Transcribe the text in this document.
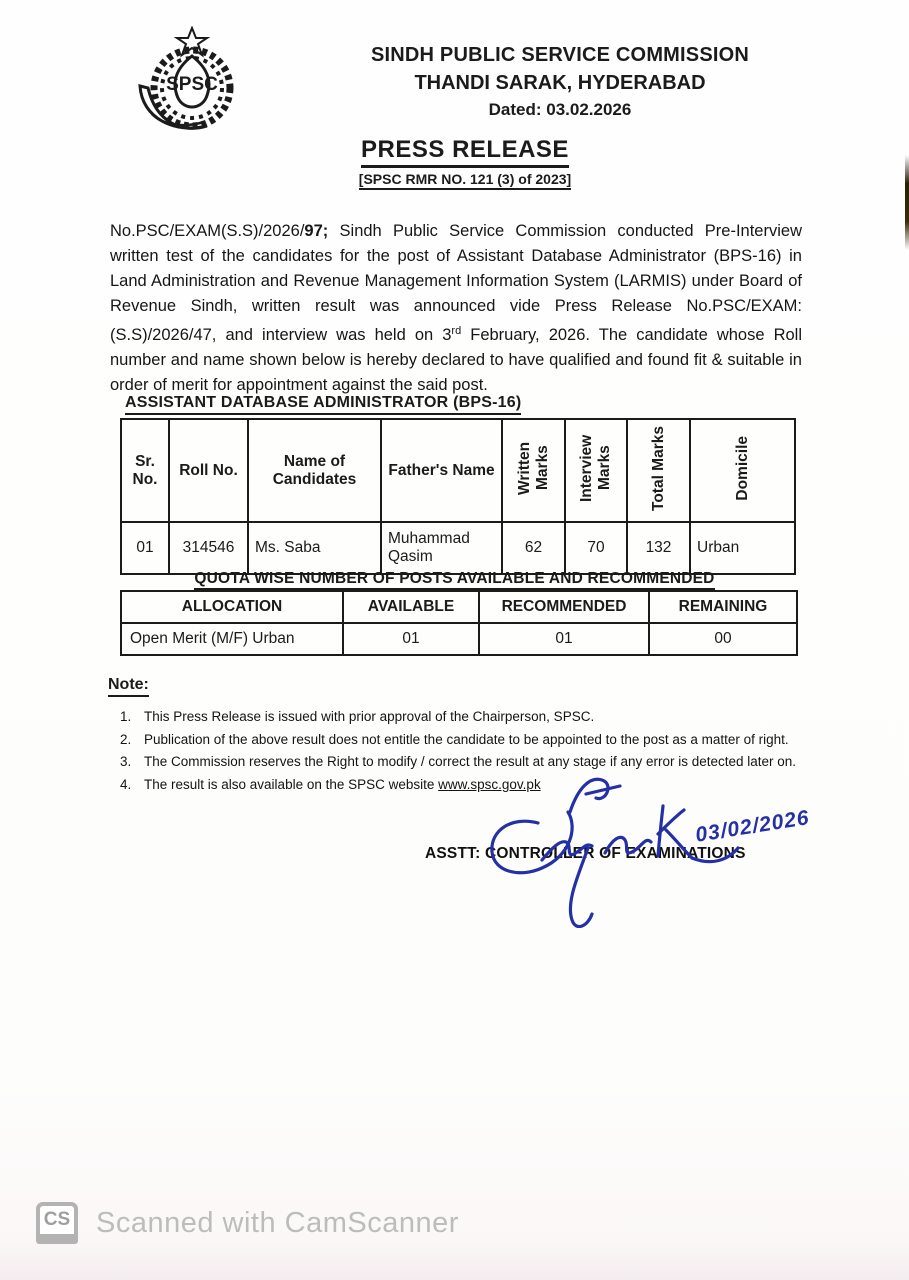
SPSC
SINDH PUBLIC SERVICE COMMISSION
THANDI SARAK, HYDERABAD
Dated: 03.02.2026
PRESS RELEASE
[SPSC RMR NO. 121 (3) of 2023]

No.PSC/EXAM(S.S)/2026/97; Sindh Public Service Commission conducted Pre-Interview written test of the candidates for the post of Assistant Database Administrator (BPS-16) in Land Administration and Revenue Management Information System (LARMIS) under Board of Revenue Sindh, written result was announced vide Press Release No.PSC/EXAM:(S.S)/2026/47, and interview was held on 3rd February, 2026. The candidate whose Roll number and name shown below is hereby declared to have qualified and found fit & suitable in order of merit for appointment against the said post.

ASSISTANT DATABASE ADMINISTRATOR (BPS-16)
Sr. No.	Roll No.	Name of Candidates	Father's Name	Written Marks	Interview Marks	Total Marks	Domicile
01	314546	Ms. Saba	Muhammad Qasim	62	70	132	Urban
QUOTA WISE NUMBER OF POSTS AVAILABLE AND RECOMMENDED
ALLOCATION	AVAILABLE	RECOMMENDED	REMAINING
Open Merit (M/F) Urban	01	01	00
Note:
1. This Press Release is issued with prior approval of the Chairperson, SPSC.
2. Publication of the above result does not entitle the candidate to be appointed to the post as a matter of right.
3. The Commission reserves the Right to modify / correct the result at any stage if any error is detected later on.
4. The result is also available on the SPSC website www.spsc.gov.pk
ASSTT: CONTROLLER OF EXAMINATIONS
03/02/2026
CS Scanned with CamScanner
